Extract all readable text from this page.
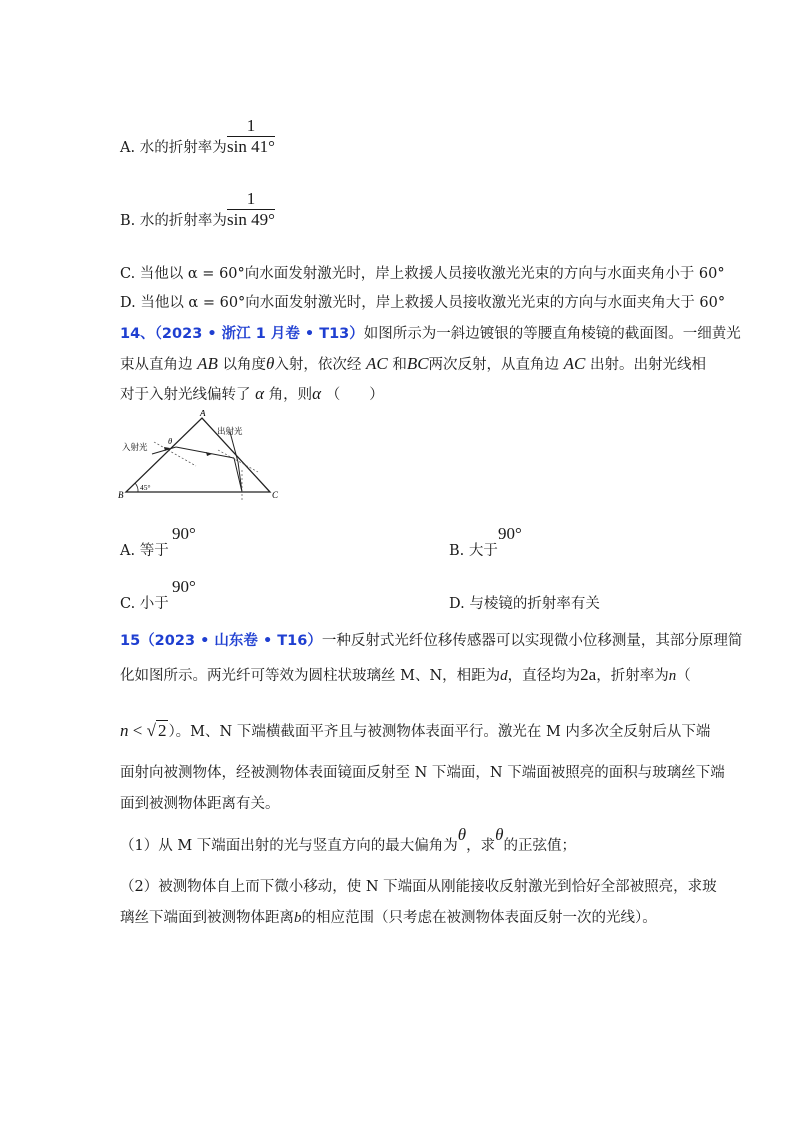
A. 水的折射率为
1
sin 41°
B. 水的折射率为
1
sin 49°
C. 当他以 α = 60°向水面发射激光时，岸上救援人员接收激光光束的方向与水面夹角小于 60°
D. 当他以 α = 60°向水面发射激光时，岸上救援人员接收激光光束的方向与水面夹角大于 60°
14、（2023 • 浙江 1 月卷 • T13）如图所示为一斜边镀银的等腰直角棱镜的截面图。一细黄光
束从直角边 AB 以角度θ入射，依次经 AC 和BC两次反射，从直角边 AC 出射。出射光线相
对于入射光线偏转了 α 角，则α （　　）
A
B	C
入射光
出射光
θ
45°
A. 等于
90°
B. 大于
90°
C. 小于
90°
D. 与棱镜的折射率有关
15（2023 • 山东卷 • T16）一种反射式光纤位移传感器可以实现微小位移测量，其部分原理简
化如图所示。两光纤可等效为圆柱状玻璃丝 M、N，相距为d，直径均为2a，折射率为n（
n < √ 2 ）。M、N 下端横截面平齐且与被测物体表面平行。激光在 M 内多次全反射后从下端
面射向被测物体，经被测物体表面镜面反射至 N 下端面，N 下端面被照亮的面积与玻璃丝下端
面到被测物体距离有关。
（1）从 M 下端面出射的光与竖直方向的最大偏角为θ，求θ的正弦值；
（2）被测物体自上而下微小移动，使 N 下端面从刚能接收反射激光到恰好全部被照亮，求玻
璃丝下端面到被测物体距离b的相应范围（只考虑在被测物体表面反射一次的光线）。
